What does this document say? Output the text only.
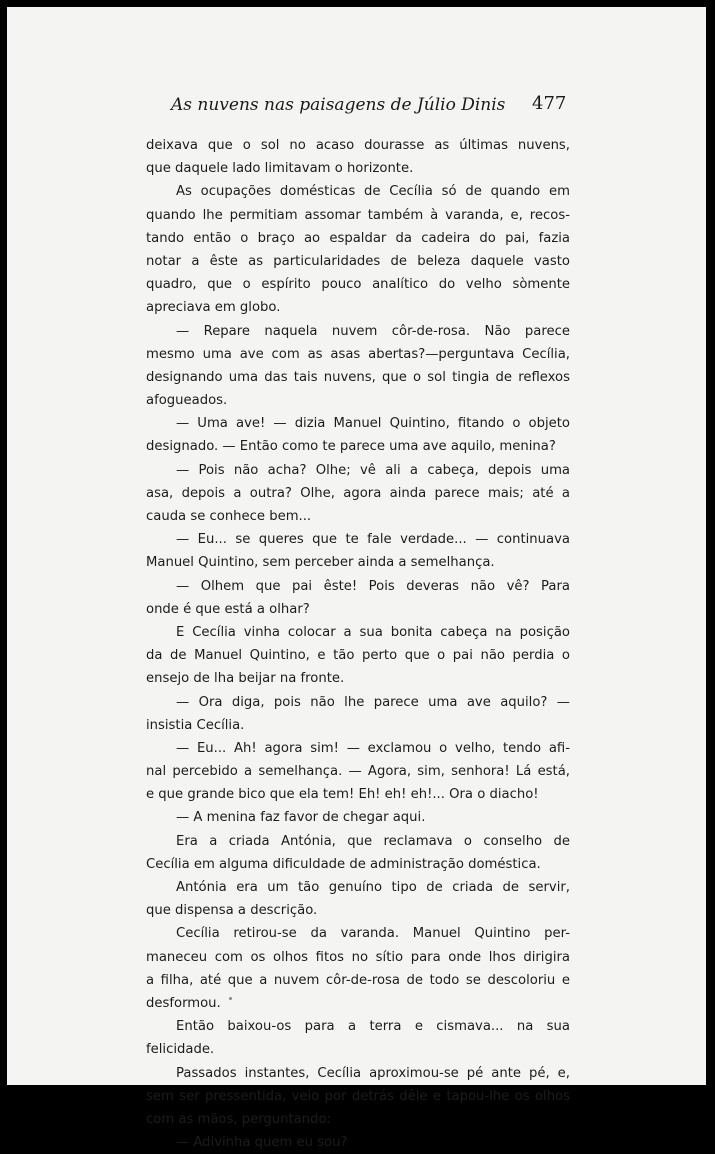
As nuvens nas paisagens de Júlio Dinis 477
deixava que o sol no acaso dourasse as últimas nuvens,
que daquele lado limitavam o horizonte.
As ocupações domésticas de Cecília só de quando em
quando lhe permitiam assomar também à varanda, e, recos-
tando então o braço ao espaldar da cadeira do pai, fazia
notar a êste as particularidades de beleza daquele vasto
quadro, que o espírito pouco analítico do velho sòmente
apreciava em globo.
— Repare naquela nuvem côr-de-rosa. Não parece
mesmo uma ave com as asas abertas?—perguntava Cecília,
designando uma das tais nuvens, que o sol tingia de reflexos
afogueados.
— Uma ave! — dizia Manuel Quintino, fitando o objeto
designado. — Então como te parece uma ave aquilo, menina?
— Pois não acha? Olhe; vê ali a cabeça, depois uma
asa, depois a outra? Olhe, agora ainda parece mais; até a
cauda se conhece bem...
— Eu... se queres que te fale verdade... — continuava
Manuel Quintino, sem perceber ainda a semelhança.
— Olhem que pai êste! Pois deveras não vê? Para
onde é que está a olhar?
E Cecília vinha colocar a sua bonita cabeça na posição
da de Manuel Quintino, e tão perto que o pai não perdia o
ensejo de lha beijar na fronte.
— Ora diga, pois não lhe parece uma ave aquilo? —
insistia Cecília.
— Eu... Ah! agora sim! — exclamou o velho, tendo afi-
nal percebido a semelhança. — Agora, sim, senhora! Lá está,
e que grande bico que ela tem! Eh! eh! eh!... Ora o diacho!
— A menina faz favor de chegar aqui.
Era a criada Antónia, que reclamava o conselho de
Cecília em alguma dificuldade de administração doméstica.
Antónia era um tão genuíno tipo de criada de servir,
que dispensa a descrição.
Cecília retirou-se da varanda. Manuel Quintino per-
maneceu com os olhos fitos no sítio para onde lhos dirigira
a filha, até que a nuvem côr-de-rosa de todo se descoloriu e
desformou.
Então baixou-os para a terra e cismava... na sua
felicidade.
Passados instantes, Cecília aproximou-se pé ante pé, e,
sem ser pressentida, veio por detrás dêle e tapou-lhe os olhos
com as mãos, perguntando:
— Adivinha quem eu sou?
